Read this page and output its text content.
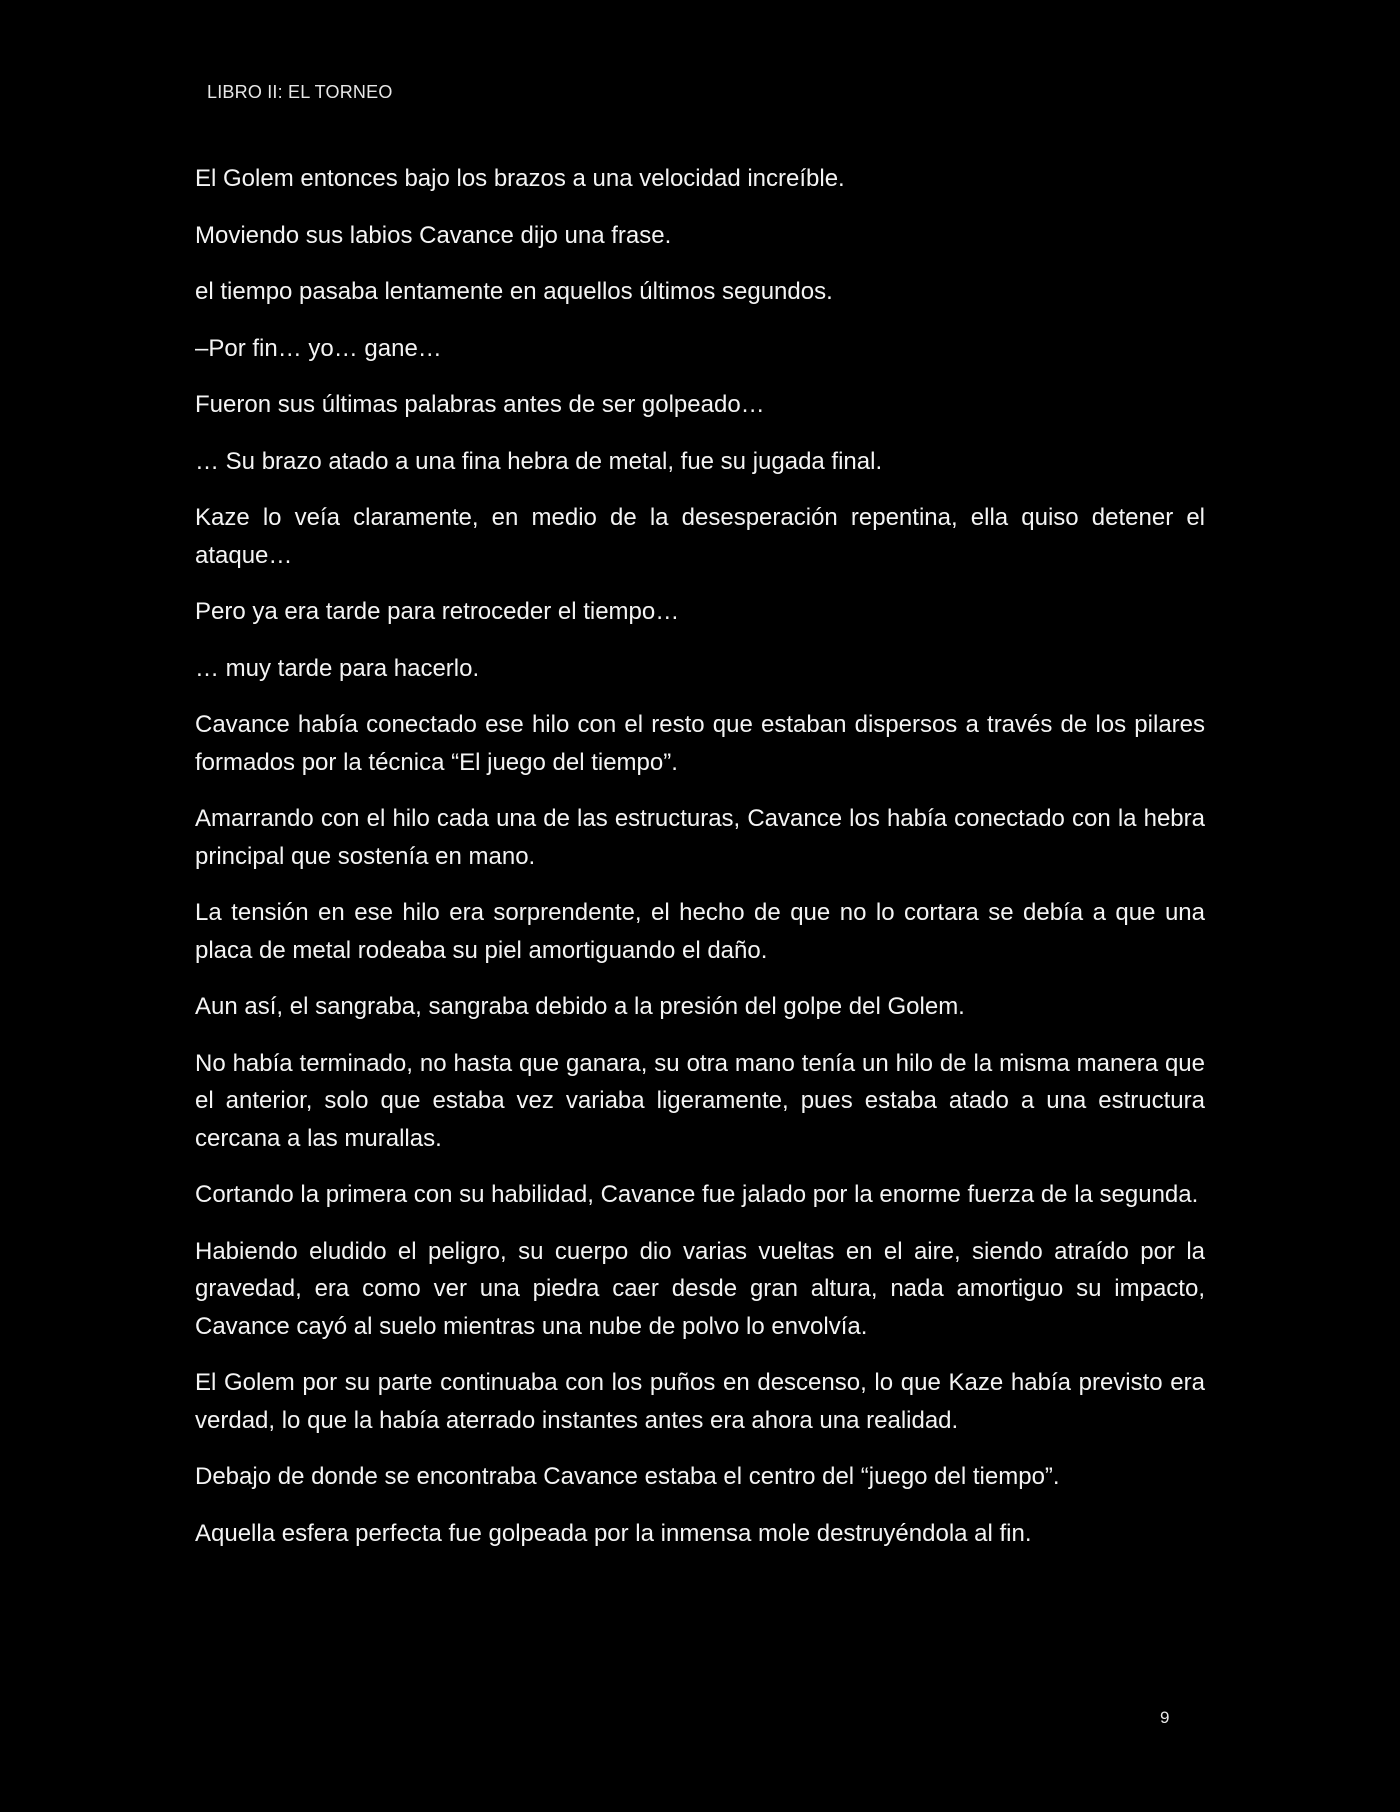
LIBRO II: EL TORNEO

El Golem entonces bajo los brazos a una velocidad increíble.

Moviendo sus labios Cavance dijo una frase.

el tiempo pasaba lentamente en aquellos últimos segundos.

–Por fin… yo… gane…

Fueron sus últimas palabras antes de ser golpeado…

… Su brazo atado a una fina hebra de metal, fue su jugada final.

Kaze lo veía claramente, en medio de la desesperación repentina, ella quiso detener el ataque…

Pero ya era tarde para retroceder el tiempo…

… muy tarde para hacerlo.

Cavance había conectado ese hilo con el resto que estaban dispersos a través de los pilares formados por la técnica “El juego del tiempo”.

Amarrando con el hilo cada una de las estructuras, Cavance los había conectado con la hebra principal que sostenía en mano.

La tensión en ese hilo era sorprendente, el hecho de que no lo cortara se debía a que una placa de metal rodeaba su piel amortiguando el daño.

Aun así, el sangraba, sangraba debido a la presión del golpe del Golem.

No había terminado, no hasta que ganara, su otra mano tenía un hilo de la misma manera que el anterior, solo que estaba vez variaba ligeramente, pues estaba atado a una estructura cercana a las murallas.

Cortando la primera con su habilidad, Cavance fue jalado por la enorme fuerza de la segunda.

Habiendo eludido el peligro, su cuerpo dio varias vueltas en el aire, siendo atraído por la gravedad, era como ver una piedra caer desde gran altura, nada amortiguo su impacto, Cavance cayó al suelo mientras una nube de polvo lo envolvía.

El Golem por su parte continuaba con los puños en descenso, lo que Kaze había previsto era verdad, lo que la había aterrado instantes antes era ahora una realidad.

Debajo de donde se encontraba Cavance estaba el centro del “juego del tiempo”.

Aquella esfera perfecta fue golpeada por la inmensa mole destruyéndola al fin.

9
